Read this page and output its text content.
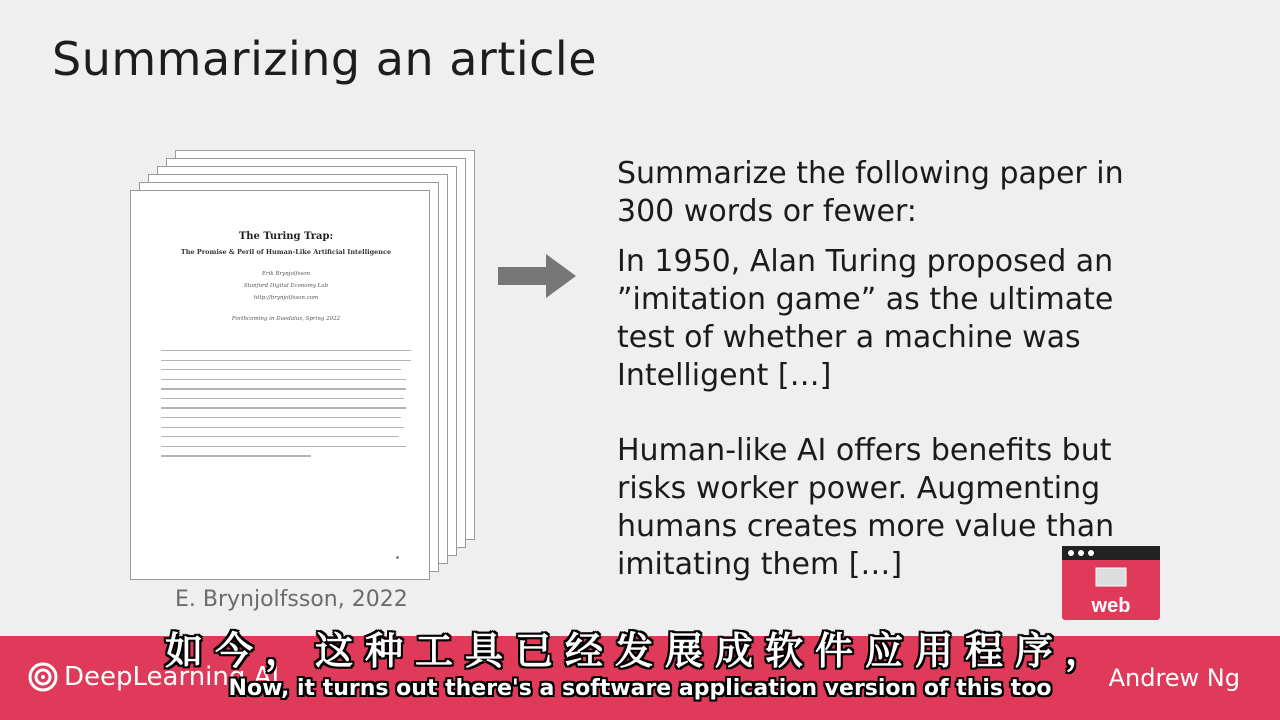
Summarizing an article
The Turing Trap:
The Promise & Peril of Human-Like Artificial Intelligence
Erik Brynjolfsson
Stanford Digital Economy Lab
http://brynjolfsson.com
Forthcoming in Daedalus, Spring 2022
E. Brynjolfsson, 2022

Summarize the following paper in 300 words or fewer:

In 1950, Alan Turing proposed an ”imitation game” as the ultimate test of whether a machine was Intelligent […]

Human-like AI offers benefits but risks worker power. Augmenting humans creates more value than imitating them […]

web
DeepLearning.AI	Andrew Ng
如今，这种工具已经发展成软件应用程序，
Now, it turns out there's a software application version of this too
